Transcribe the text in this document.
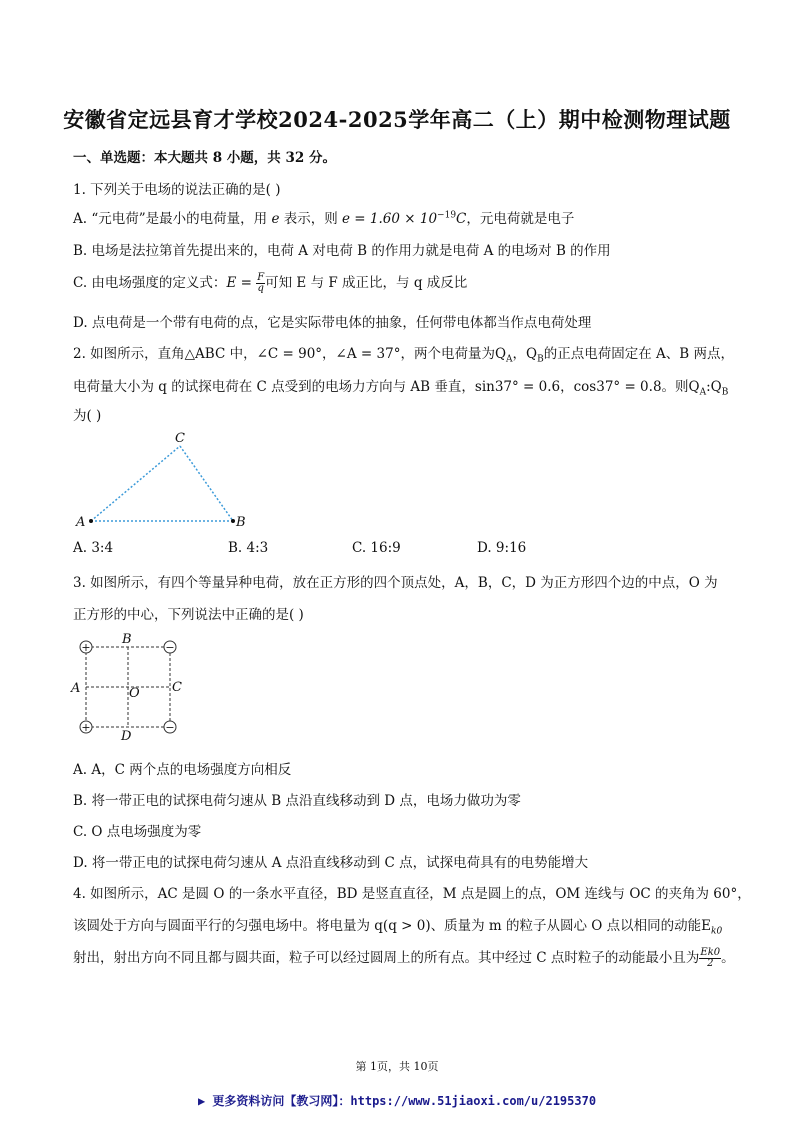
安徽省定远县育才学校2024-2025学年高二（上）期中检测物理试题
一、单选题：本大题共 8 小题，共 32 分。
1. 下列关于电场的说法正确的是( )
A. “元电荷”是最小的电荷量，用 e 表示，则 $e = 1.60 \times 10^{-19}C$，元电荷就是电子
B. 电场是法拉第首先提出来的，电荷 A 对电荷 B 的作用力就是电荷 A 的电场对 B 的作用
C. 由电场强度的定义式：$E = \frac{F}{q}$ 可知 E 与 F 成正比，与 q 成反比
D. 点电荷是一个带有电荷的点，它是实际带电体的抽象，任何带电体都当作点电荷处理
2. 如图所示，直角△ABC 中，∠C = 90°，∠A = 37°，两个电荷量为$Q_A$，$Q_B$的正点电荷固定在 A、B 两点，
电荷量大小为 q 的试探电荷在 C 点受到的电场力方向与 AB 垂直，sin37° = 0.6，cos37° = 0.8。则$Q_A:Q_B$
为( )
A	B
C
A. 3:4	B. 4:3	C. 16:9	D. 9:16
3. 如图所示，有四个等量异种电荷，放在正方形的四个顶点处，A，B，C，D 为正方形四个边的中点，O 为
正方形的中心，下列说法中正确的是( )
+	−
+	−
B
A	C
O
D
A. A，C 两个点的电场强度方向相反
B. 将一带正电的试探电荷匀速从 B 点沿直线移动到 D 点，电场力做功为零
C. O 点电场强度为零
D. 将一带正电的试探电荷匀速从 A 点沿直线移动到 C 点，试探电荷具有的电势能增大
4. 如图所示，AC 是圆 O 的一条水平直径，BD 是竖直直径，M 点是圆上的点，OM 连线与 OC 的夹角为 60°，
该圆处于方向与圆面平行的匀强电场中。将电量为 q(q > 0)、质量为 m 的粒子从圆心 O 点以相同的动能$E_{k0}$
射出，射出方向不同且都与圆共面，粒子可以经过圆周上的所有点。其中经过 C 点时粒子的动能最小且为 $\frac{Ek0}{2}$ 。
第 1页，共 10页
▶ 更多资料访问【教习网】：https://www.51jiaoxi.com/u/2195370
